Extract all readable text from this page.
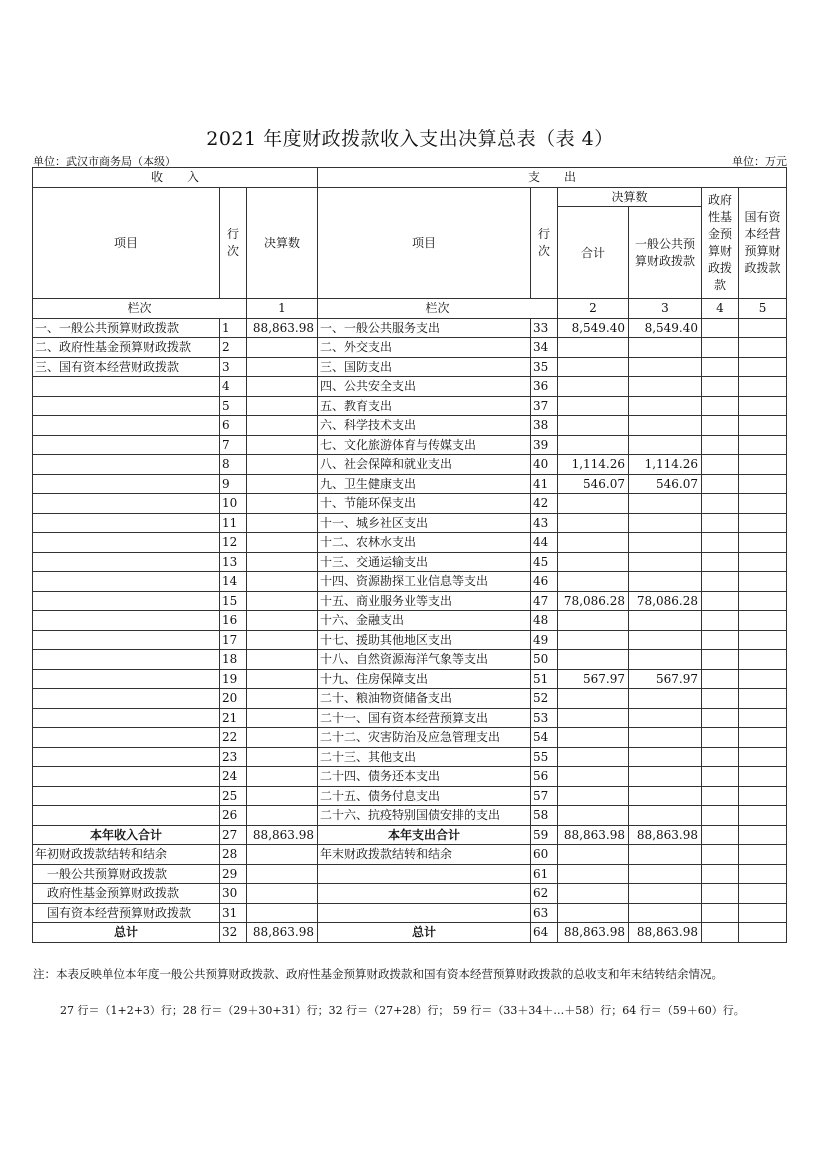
2021 年度财政拨款收入支出决算总表（表 4）
单位：武汉市商务局（本级）	单位：万元
收　　入			支　　出					
项目	行次	决算数	项目	行次	决算数		政府性基金预算财政拨款	国有资本经营预算财政拨款
					合计	一般公共预算财政拨款		
栏次		1	栏次		2	3	4	5
一、一般公共预算财政拨款	1	88,863.98	一、一般公共服务支出	33	8,549.40	8,549.40		
二、政府性基金预算财政拨款	2		二、外交支出	34				
三、国有资本经营财政拨款	3		三、国防支出	35				
	4		四、公共安全支出	36				
	5		五、教育支出	37				
	6		六、科学技术支出	38				
	7		七、文化旅游体育与传媒支出	39				
	8		八、社会保障和就业支出	40	1,114.26	1,114.26		
	9		九、卫生健康支出	41	546.07	546.07		
	10		十、节能环保支出	42				
	11		十一、城乡社区支出	43				
	12		十二、农林水支出	44				
	13		十三、交通运输支出	45				
	14		十四、资源勘探工业信息等支出	46				
	15		十五、商业服务业等支出	47	78,086.28	78,086.28		
	16		十六、金融支出	48				
	17		十七、援助其他地区支出	49				
	18		十八、自然资源海洋气象等支出	50				
	19		十九、住房保障支出	51	567.97	567.97		
	20		二十、粮油物资储备支出	52				
	21		二十一、国有资本经营预算支出	53				
	22		二十二、灾害防治及应急管理支出	54				
	23		二十三、其他支出	55				
	24		二十四、债务还本支出	56				
	25		二十五、债务付息支出	57				
	26		二十六、抗疫特别国债安排的支出	58				
本年收入合计	27	88,863.98	本年支出合计	59	88,863.98	88,863.98		
年初财政拨款结转和结余	28		年末财政拨款结转和结余	60				
一般公共预算财政拨款	29			61				
政府性基金预算财政拨款	30			62				
国有资本经营预算财政拨款	31			63				
总计	32	88,863.98	总计	64	88,863.98	88,863.98		
注：本表反映单位本年度一般公共预算财政拨款、政府性基金预算财政拨款和国有资本经营预算财政拨款的总收支和年末结转结余情况。
27 行＝（1+2+3）行；28 行＝（29＋30+31）行；32 行＝（27+28）行； 59 行＝（33＋34＋…＋58）行；64 行＝（59＋60）行。
